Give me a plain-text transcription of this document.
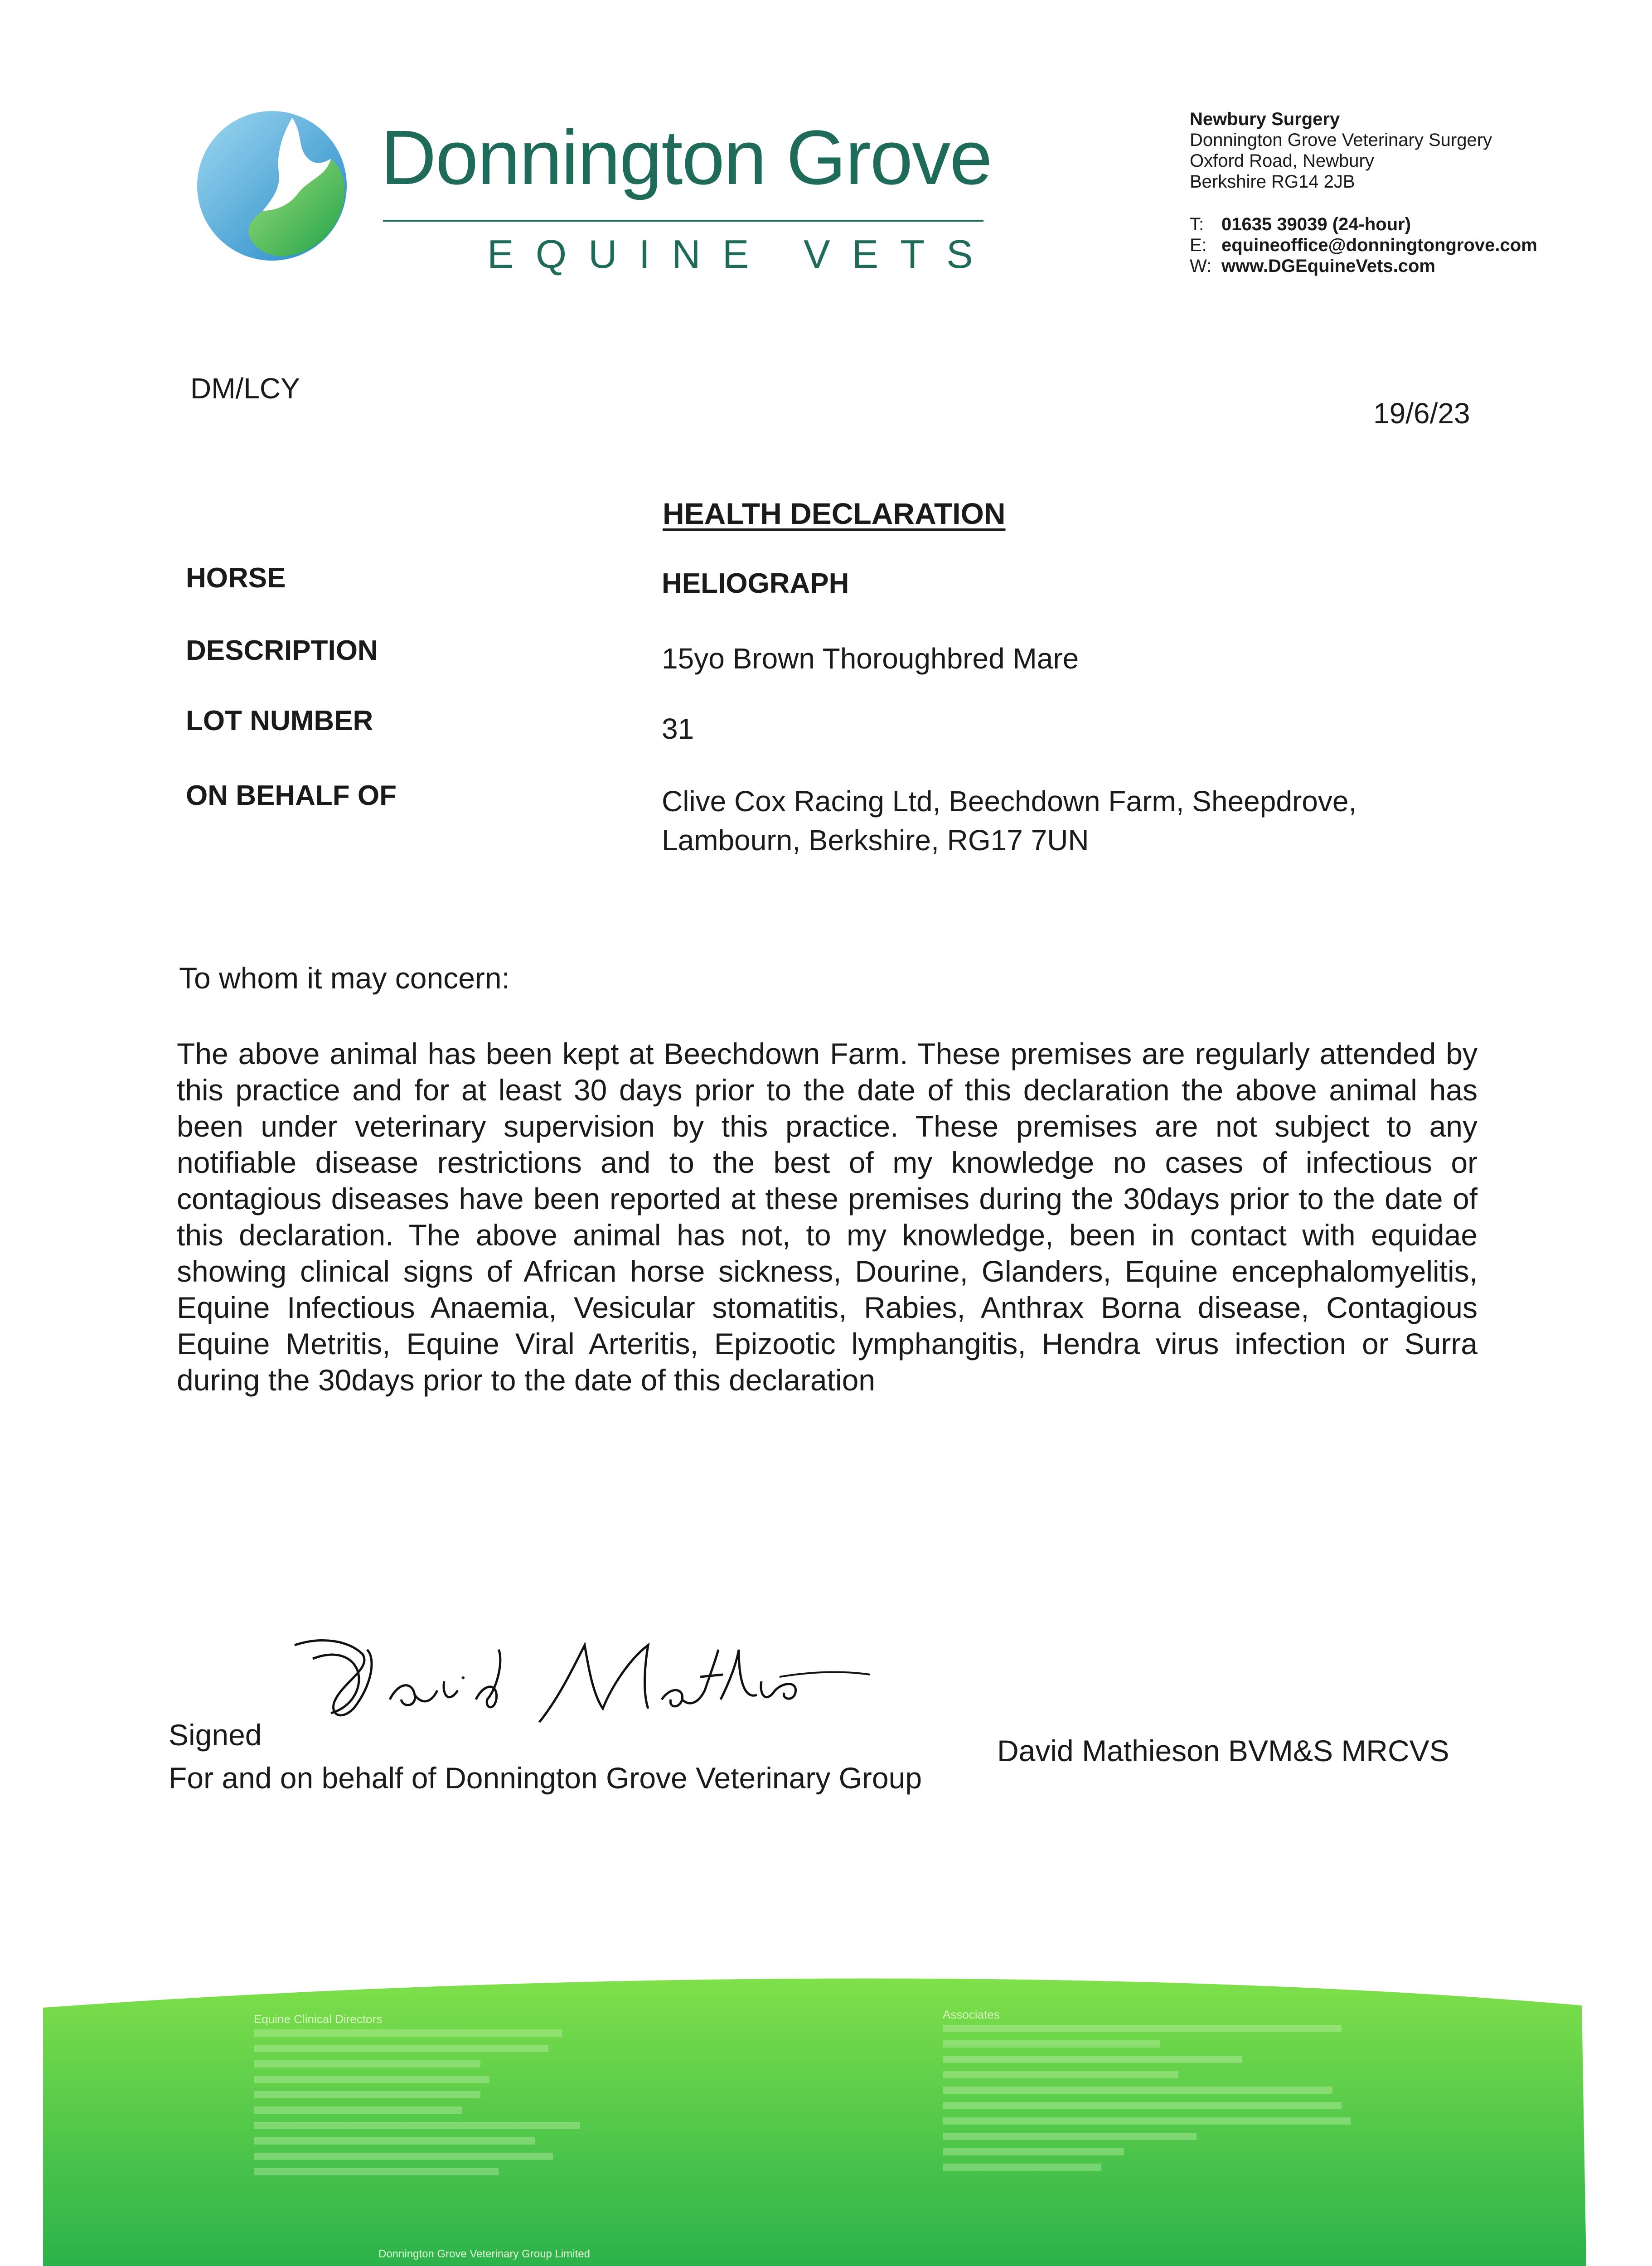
Donnington Grove
EQUINE VETS
Newbury Surgery
Donnington Grove Veterinary Surgery
Oxford Road, Newbury
Berkshire RG14 2JB
T: 01635 39039 (24-hour)
E: equineoffice@donningtongrove.com
W: www.DGEquineVets.com
DM/LCY
19/6/23
HEALTH DECLARATION
HORSE	HELIOGRAPH
DESCRIPTION	15yo Brown Thoroughbred Mare
LOT NUMBER	31
ON BEHALF OF	Clive Cox Racing Ltd, Beechdown Farm, Sheepdrove,
Lambourn, Berkshire, RG17 7UN
To whom it may concern:
The above animal has been kept at Beechdown Farm. These premises are regularly attended by this practice and for at least 30 days prior to the date of this declaration the above animal has been under veterinary supervision by this practice. These premises are not subject to any notifiable disease restrictions and to the best of my knowledge no cases of infectious or contagious diseases have been reported at these premises during the 30days prior to the date of this declaration. The above animal has not, to my knowledge, been in contact with equidae showing clinical signs of African horse sickness, Dourine, Glanders, Equine encephalomyelitis, Equine Infectious Anaemia, Vesicular stomatitis, Rabies, Anthrax Borna disease, Contagious Equine Metritis, Equine Viral Arteritis, Epizootic lymphangitis, Hendra virus infection or Surra during the 30days prior to the date of this declaration
Signed
For and on behalf of Donnington Grove Veterinary Group
David Mathieson BVM&S MRCVS
Equine Clinical Directors	Associates
Donnington Grove Veterinary Group Limited
